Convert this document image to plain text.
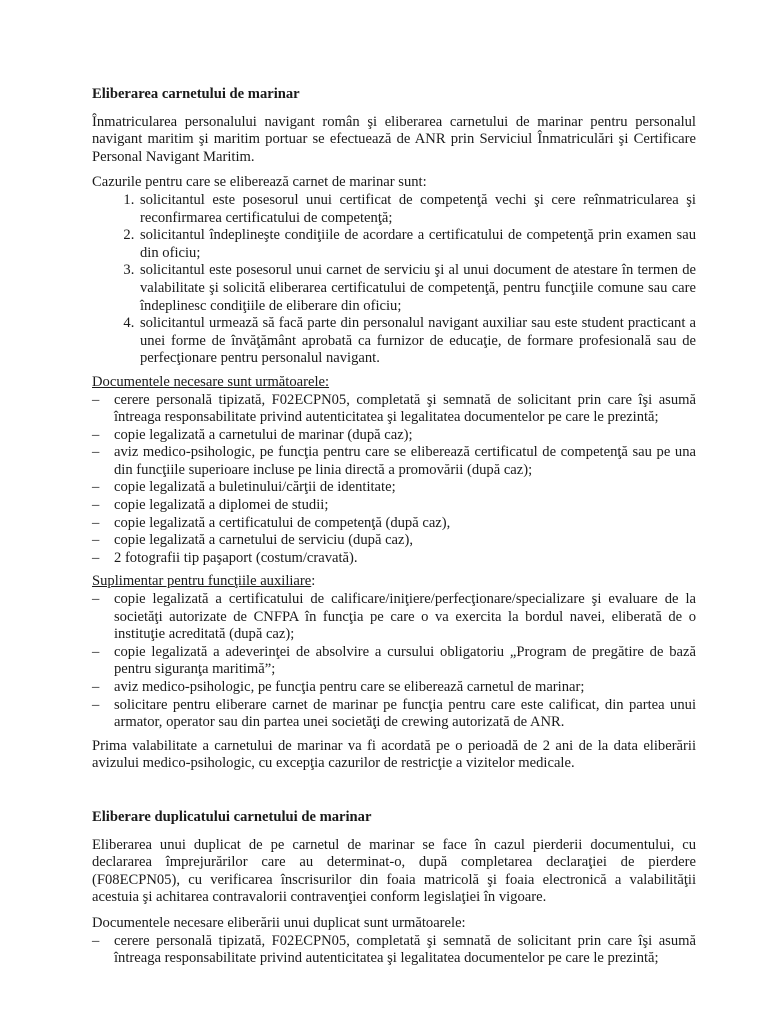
Eliberarea carnetului de marinar

Înmatricularea personalului navigant român şi eliberarea carnetului de marinar pentru personalul navigant maritim şi maritim portuar se efectuează de ANR prin Serviciul Înmatriculări şi Certificare Personal Navigant Maritim.

Cazurile pentru care se eliberează carnet de marinar sunt:

1. solicitantul este posesorul unui certificat de competenţă vechi şi cere reînmatricularea şi reconfirmarea certificatului de competenţă;
2. solicitantul îndeplineşte condiţiile de acordare a certificatului de competenţă prin examen sau din oficiu;
3. solicitantul este posesorul unui carnet de serviciu şi al unui document de atestare în termen de valabilitate şi solicită eliberarea certificatului de competenţă, pentru funcţiile comune sau care îndeplinesc condiţiile de eliberare din oficiu;
4. solicitantul urmează să facă parte din personalul navigant auxiliar sau este student practicant a unei forme de învăţământ aprobată ca furnizor de educaţie, de formare profesională sau de perfecţionare pentru personalul navigant.

Documentele necesare sunt următoarele:

– cerere personală tipizată, F02ECPN05, completată şi semnată de solicitant prin care îşi asumă întreaga responsabilitate privind autenticitatea şi legalitatea documentelor pe care le prezintă;
– copie legalizată a carnetului de marinar (după caz);
– aviz medico-psihologic, pe funcţia pentru care se eliberează certificatul de competenţă sau pe una din funcţiile superioare incluse pe linia directă a promovării (după caz);
– copie legalizată a buletinului/cărţii de identitate;
– copie legalizată a diplomei de studii;
– copie legalizată a certificatului de competenţă (după caz),
– copie legalizată a carnetului de serviciu (după caz),
– 2 fotografii tip paşaport (costum/cravată).

Suplimentar pentru funcţiile auxiliare:

– copie legalizată a certificatului de calificare/iniţiere/perfecţionare/specializare şi evaluare de la societăţi autorizate de CNFPA în funcţia pe care o va exercita la bordul navei, eliberată de o instituţie acreditată (după caz);
– copie legalizată a adeverinţei de absolvire a cursului obligatoriu „Program de pregătire de bază pentru siguranţa maritimă”;
– aviz medico-psihologic, pe funcţia pentru care se eliberează carnetul de marinar;
– solicitare pentru eliberare carnet de marinar pe funcţia pentru care este calificat, din partea unui armator, operator sau din partea unei societăţi de crewing autorizată de ANR.

Prima valabilitate a carnetului de marinar va fi acordată pe o perioadă de 2 ani de la data eliberării avizului medico-psihologic, cu excepţia cazurilor de restricţie a vizitelor medicale.

Eliberare duplicatului carnetului de marinar

Eliberarea unui duplicat de pe carnetul de marinar se face în cazul pierderii documentului, cu declararea împrejurărilor care au determinat-o, după completarea declaraţiei de pierdere (F08ECPN05), cu verificarea înscrisurilor din foaia matricolă şi foaia electronică a valabilităţii acestuia şi achitarea contravalorii contravenţiei conform legislaţiei în vigoare.

Documentele necesare eliberării unui duplicat sunt următoarele:

– cerere personală tipizată, F02ECPN05, completată şi semnată de solicitant prin care îşi asumă întreaga responsabilitate privind autenticitatea şi legalitatea documentelor pe care le prezintă;
